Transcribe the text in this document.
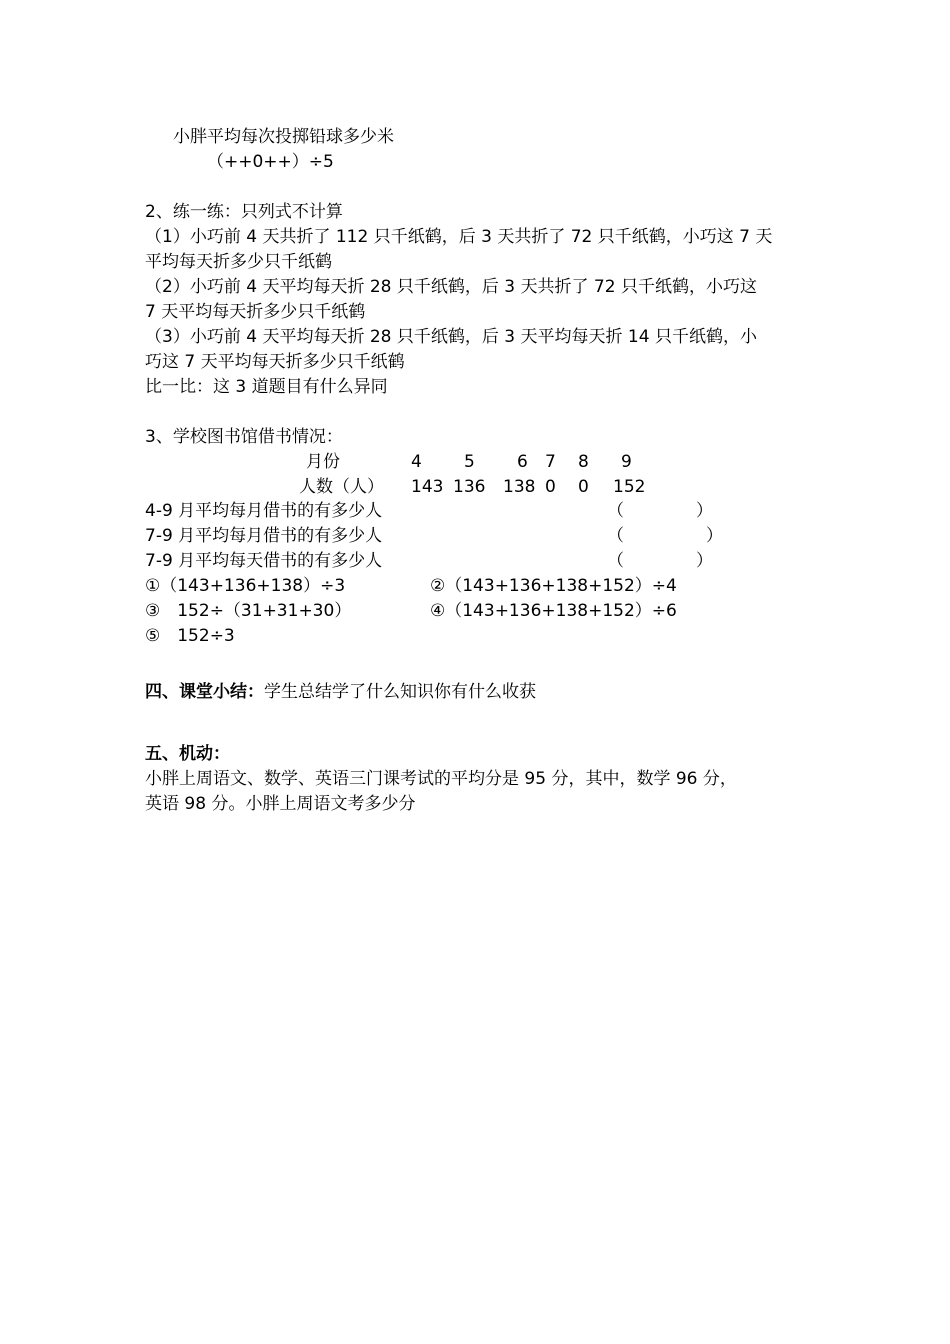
小胖平均每次投掷铅球多少米
（++0++）÷5
2、练一练：只列式不计算
（1）小巧前 4 天共折了 112 只千纸鹤，后 3 天共折了 72 只千纸鹤，小巧这 7 天
平均每天折多少只千纸鹤
（2）小巧前 4 天平均每天折 28 只千纸鹤，后 3 天共折了 72 只千纸鹤，小巧这
7 天平均每天折多少只千纸鹤
（3）小巧前 4 天平均每天折 28 只千纸鹤，后 3 天平均每天折 14 只千纸鹤，小
巧这 7 天平均每天折多少只千纸鹤
比一比：这 3 道题目有什么异同
3、学校图书馆借书情况：
月份	4 5 6 7 8 9
人数（人） 143 136 138 0 0 152
4-9 月平均每月借书的有多少人	（	）
7-9 月平均每月借书的有多少人	（	）
7-9 月平均每天借书的有多少人	（	）
①（143+136+138）÷3	②（143+136+138+152）÷4
③　152÷（31+31+30）	④（143+136+138+152）÷6
⑤　152÷3
四、课堂小结：学生总结学了什么知识你有什么收获
五、机动：
小胖上周语文、数学、英语三门课考试的平均分是 95 分，其中，数学 96 分，
英语 98 分。小胖上周语文考多少分
